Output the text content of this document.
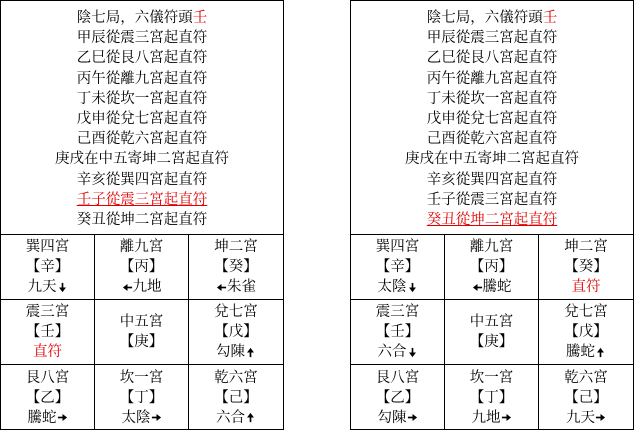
陰七局，六儀符頭壬
甲辰從震三宮起直符
乙巳從艮八宮起直符
丙午從離九宮起直符
丁未從坎一宮起直符
戊申從兌七宮起直符
己酉從乾六宮起直符
庚戌在中五寄坤二宮起直符
辛亥從巽四宮起直符
壬子從震三宮起直符
癸丑從坤二宮起直符
巽四宮
【辛】
九天
離九宮
【丙】
九地
坤二宮
【癸】
朱雀
震三宮
【壬】
直符
中五宮
【庚】
兌七宮
【戊】
勾陳
艮八宮
【乙】
騰蛇
坎一宮
【丁】
太陰
乾六宮
【己】
六合
陰七局，六儀符頭壬
甲辰從震三宮起直符
乙巳從艮八宮起直符
丙午從離九宮起直符
丁未從坎一宮起直符
戊申從兌七宮起直符
己酉從乾六宮起直符
庚戌在中五寄坤二宮起直符
辛亥從巽四宮起直符
壬子從震三宮起直符
癸丑從坤二宮起直符
巽四宮
【辛】
太陰
離九宮
【丙】
騰蛇
坤二宮
【癸】
直符
震三宮
【壬】
六合
中五宮
【庚】
兌七宮
【戊】
騰蛇
艮八宮
【乙】
勾陳
坎一宮
【丁】
九地
乾六宮
【己】
九天
